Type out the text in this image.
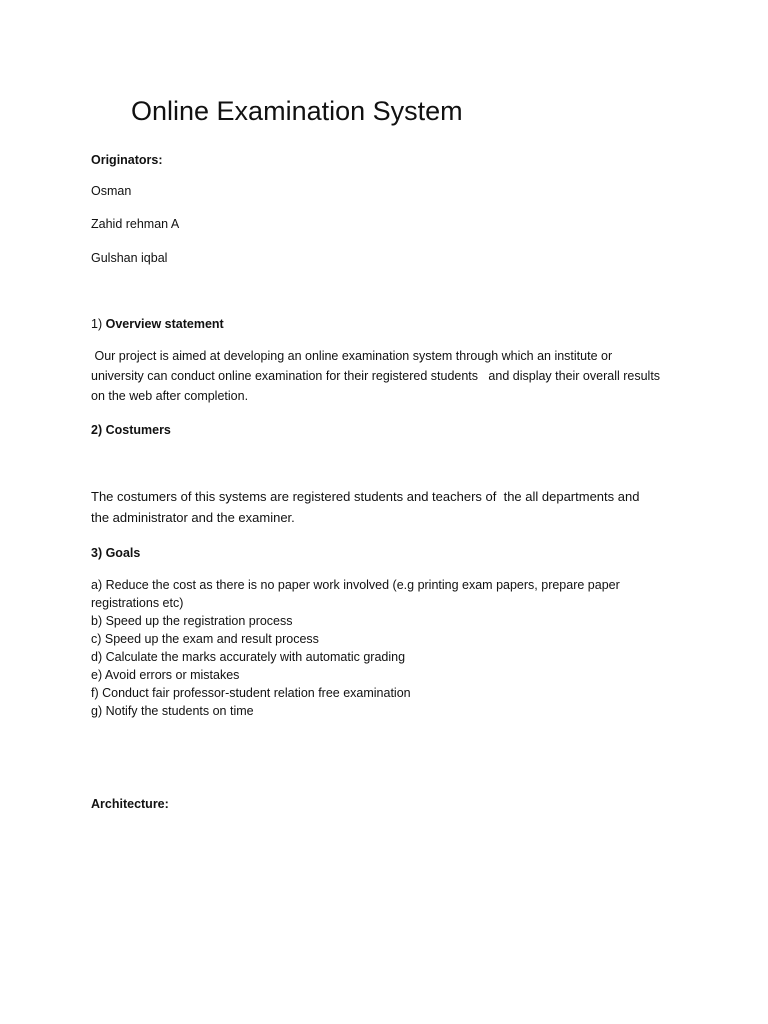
Online Examination System

Originators:

Osman

Zahid rehman A

Gulshan iqbal

1) Overview statement

Our project is aimed at developing an online examination system through which an institute or
university can conduct online examination for their registered students   and display their overall results
on the web after completion.

2) Costumers

The costumers of this systems are registered students and teachers of  the all departments and
the administrator and the examiner.

3) Goals

a) Reduce the cost as there is no paper work involved (e.g printing exam papers, prepare paper
registrations etc)
b) Speed up the registration process
c) Speed up the exam and result process
d) Calculate the marks accurately with automatic grading
e) Avoid errors or mistakes
f) Conduct fair professor-student relation free examination
g) Notify the students on time

Architecture:
